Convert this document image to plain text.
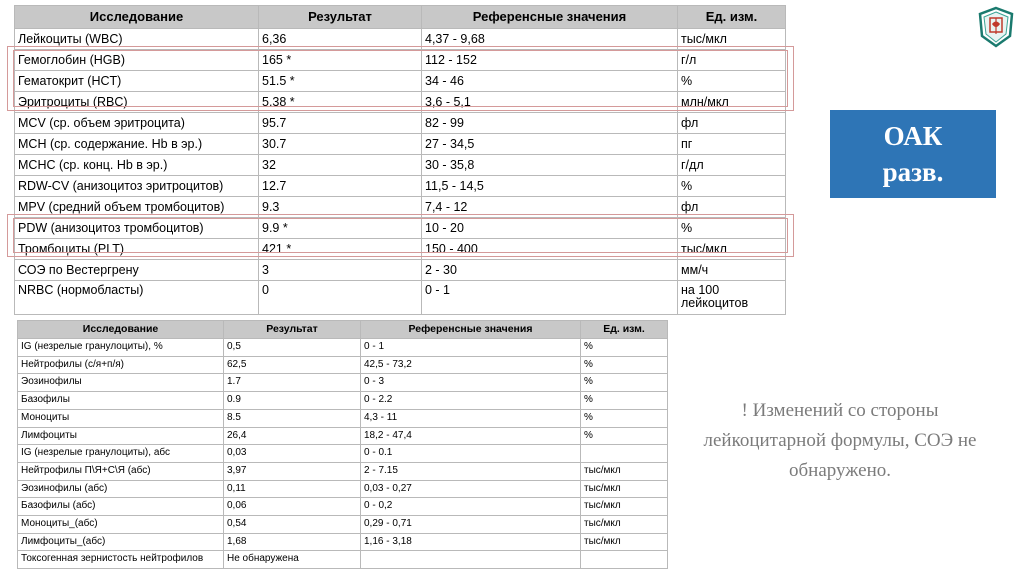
Исследование	Результат	Референсные значения	Ед. изм.
Лейкоциты (WBC)	6,36	4,37 - 9,68	тыс/мкл
Гемоглобин (HGB)	165 *	112 - 152	г/л
Гематокрит (HCT)	51.5 *	34 - 46	%
Эритроциты (RBC)	5.38 *	3,6 - 5,1	млн/мкл
MCV (ср. объем эритроцита)	95.7	82 - 99	фл
MCH (ср. содержание. Hb в эр.)	30.7	27 - 34,5	пг
MCHC (ср. конц. Hb в эр.)	32	30 - 35,8	г/дл
RDW-CV (анизоцитоз эритроцитов)	12.7	11,5 - 14,5	%
MPV (средний объем тромбоцитов)	9.3	7,4 - 12	фл
PDW (анизоцитоз тромбоцитов)	9.9 *	10 - 20	%
Тромбоциты (PLT)	421 *	150 - 400	тыс/мкл
СОЭ по Вестергрену	3	2 - 30	мм/ч
NRBC (нормобласты)	0	0 - 1	на 100 лейкоцитов
Исследование	Результат	Референсные значения	Ед. изм.
IG (незрелые гранулоциты), %	0,5	0 - 1	%
Нейтрофилы (с/я+п/я)	62,5	42,5 - 73,2	%
Эозинофилы	1.7	0 - 3	%
Базофилы	0.9	0 - 2.2	%
Моноциты	8.5	4,3 - 11	%
Лимфоциты	26,4	18,2 - 47,4	%
IG (незрелые гранулоциты), абс	0,03	0 - 0.1	
Нейтрофилы П\Я+С\Я (абс)	3,97	2 - 7.15	тыс/мкл
Эозинофилы (абс)	0,11	0,03 - 0,27	тыс/мкл
Базофилы (абс)	0,06	0 - 0,2	тыс/мкл
Моноциты_(абс)	0,54	0,29 - 0,71	тыс/мкл
Лимфоциты_(абс)	1,68	1,16 - 3,18	тыс/мкл
Токсогенная зернистость нейтрофилов	Не обнаружена		
ОАК
разв.
! Изменений со стороны лейкоцитарной формулы, СОЭ не обнаружено.
